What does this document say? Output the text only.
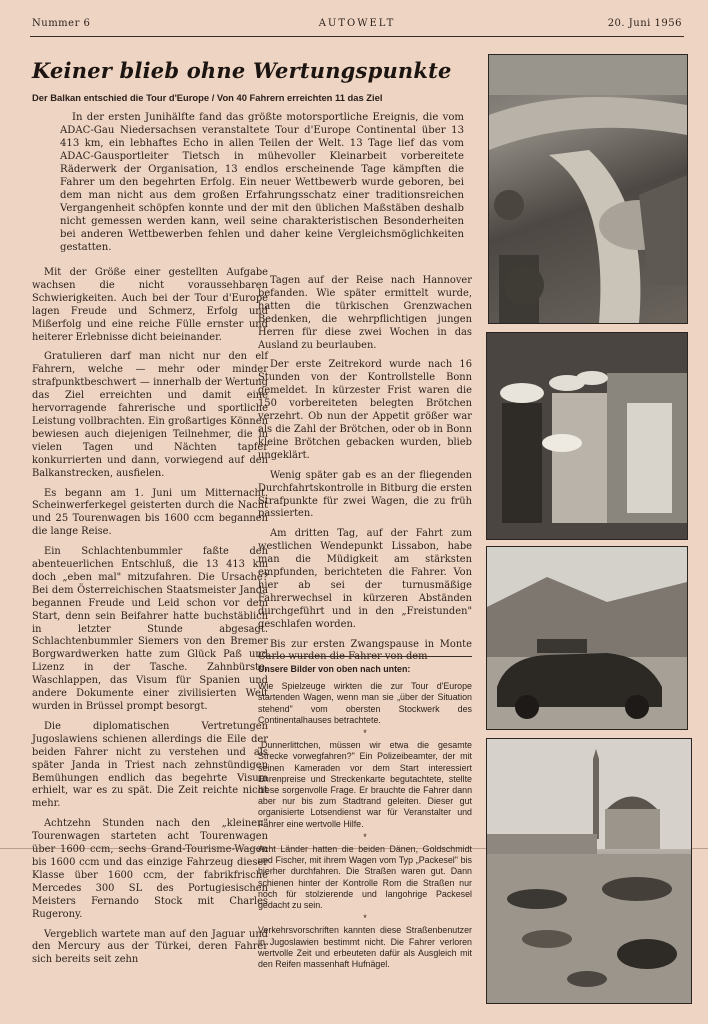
Nummer 6	AUTOWELT	20. Juni 1956
Keiner blieb ohne Wertungspunkte
Der Balkan entschied die Tour d'Europe / Von 40 Fahrern erreichten 11 das Ziel
In der ersten Junihälfte fand das größte motorsportliche Ereignis, die vom ADAC-Gau Niedersachsen veranstaltete Tour d'Europe Continental über 13 413 km, ein lebhaftes Echo in allen Teilen der Welt. 13 Tage lief das vom ADAC-Gausportleiter Tietsch in mühevoller Kleinarbeit vorbereitete Räderwerk der Organisation, 13 endlos erscheinende Tage kämpften die Fahrer um den begehrten Erfolg. Ein neuer Wettbewerb wurde geboren, bei dem man nicht aus dem großen Erfahrungsschatz einer traditionsreichen Vergangenheit schöpfen konnte und der mit den üblichen Maßstäben deshalb nicht gemessen werden kann, weil seine charakteristischen Besonderheiten bei anderen Wettbewerben fehlen und daher keine Vergleichsmöglichkeiten gestatten.

Mit der Größe einer gestellten Aufgabe wachsen die nicht voraussehbaren Schwierigkeiten. Auch bei der Tour d'Europe lagen Freude und Schmerz, Erfolg und Mißerfolg und eine reiche Fülle ernster und heiterer Erlebnisse dicht beieinander.

Gratulieren darf man nicht nur den elf Fahrern, welche — mehr oder minder strafpunktbeschwert — innerhalb der Wertung das Ziel erreichten und damit eine hervorragende fahrerische und sportliche Leistung vollbrachten. Ein großartiges Können bewiesen auch diejenigen Teilnehmer, die in vielen Tagen und Nächten tapfer konkurrierten und dann, vorwiegend auf den Balkanstrecken, ausfielen.

Es begann am 1. Juni um Mitternacht. Scheinwerferkegel geisterten durch die Nacht und 25 Tourenwagen bis 1600 ccm begannen die lange Reise.

Ein Schlachtenbummler faßte den abenteuerlichen Entschluß, die 13 413 km doch „eben mal" mitzufahren. Die Ursache? Bei dem Österreichischen Staatsmeister Janda begannen Freude und Leid schon vor dem Start, denn sein Beifahrer hatte buchstäblich in letzter Stunde abgesagt. Schlachtenbummler Siemers von den Bremer Borgwardwerken hatte zum Glück Paß und Lizenz in der Tasche. Zahnbürste, Waschlappen, das Visum für Spanien und andere Dokumente einer zivilisierten Welt wurden in Brüssel prompt besorgt.

Die diplomatischen Vertretungen Jugoslawiens schienen allerdings die Eile der beiden Fahrer nicht zu verstehen und als später Janda in Triest nach zehnstündigen Bemühungen endlich das begehrte Visum erhielt, war es zu spät. Die Zeit reichte nicht mehr.

Achtzehn Stunden nach den „kleinen" Tourenwagen starteten acht Tourenwagen über 1600 ccm, sechs Grand-Tourisme-Wagen bis 1600 ccm und das einzige Fahrzeug dieser Klasse über 1600 ccm, der fabrikfrische Mercedes 300 SL des Portugiesischen Meisters Fernando Stock mit Charles Rugerony.

Vergeblich wartete man auf den Jaguar und den Mercury aus der Türkei, deren Fahrer sich bereits seit zehn

Tagen auf der Reise nach Hannover befanden. Wie später ermittelt wurde, hatten die türkischen Grenzwachen Bedenken, die wehrpflichtigen jungen Herren für diese zwei Wochen in das Ausland zu beurlauben.

Der erste Zeitrekord wurde nach 16 Stunden von der Kontrollstelle Bonn gemeldet. In kürzester Frist waren die 150 vorbereiteten belegten Brötchen verzehrt. Ob nun der Appetit größer war als die Zahl der Brötchen, oder ob in Bonn kleine Brötchen gebacken wurden, blieb ungeklärt.

Wenig später gab es an der fliegenden Durchfahrtskontrolle in Bitburg die ersten Strafpunkte für zwei Wagen, die zu früh passierten.

Am dritten Tag, auf der Fahrt zum westlichen Wendepunkt Lissabon, habe man die Müdigkeit am stärksten empfunden, berichteten die Fahrer. Von hier ab sei der turnusmäßige Fahrerwechsel in kürzeren Abständen durchgeführt und in den „Freistunden" geschlafen worden.

Bis zur ersten Zwangspause in Monte Carlo wurden die Fahrer von dem

Unsere Bilder von oben nach unten:
Wie Spielzeuge wirkten die zur Tour d'Europe startenden Wagen, wenn man sie „über der Situation stehend" vom obersten Stockwerk des Continentalhauses betrachtete.
*
„Dunnerlittchen, müssen wir etwa die gesamte Strecke vorwegfahren?" Ein Polizeibeamter, der mit seinen Kameraden vor dem Start interessiert Ehrenpreise und Streckenkarte begutachtete, stellte diese sorgenvolle Frage. Er brauchte die Fahrer dann aber nur bis zum Stadtrand geleiten. Dieser gut organisierte Lotsendienst war für Veranstalter und Fahrer eine wertvolle Hilfe.
*
Acht Länder hatten die beiden Dänen, Goldschmidt und Fischer, mit ihrem Wagen vom Typ „Packesel" bis hierher durchfahren. Die Straßen waren gut. Dann schienen hinter der Kontrolle Rom die Straßen nur noch für stolzierende und langohrige Packesel gedacht zu sein.
*
Verkehrsvorschriften kannten diese Straßenbenutzer in Jugoslawien bestimmt nicht. Die Fahrer verloren wertvolle Zeit und erbeuteten dafür als Ausgleich mit den Reifen massenhaft Hufnägel.
